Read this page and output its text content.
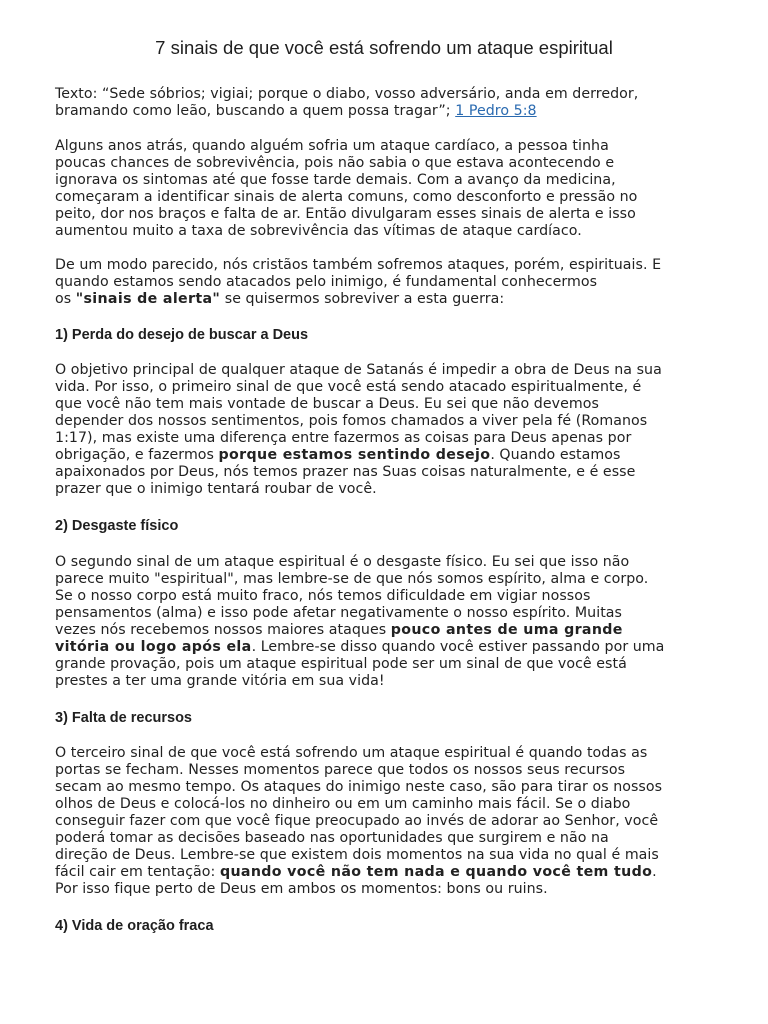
7 sinais de que você está sofrendo um ataque espiritual
Texto: “Sede sóbrios; vigiai; porque o diabo, vosso adversário, anda em derredor,
bramando como leão, buscando a quem possa tragar”; 1 Pedro 5:8
Alguns anos atrás, quando alguém sofria um ataque cardíaco, a pessoa tinha
poucas chances de sobrevivência, pois não sabia o que estava acontecendo e
ignorava os sintomas até que fosse tarde demais. Com a avanço da medicina,
começaram a identificar sinais de alerta comuns, como desconforto e pressão no
peito, dor nos braços e falta de ar. Então divulgaram esses sinais de alerta e isso
aumentou muito a taxa de sobrevivência das vítimas de ataque cardíaco.
De um modo parecido, nós cristãos também sofremos ataques, porém, espirituais. E
quando estamos sendo atacados pelo inimigo, é fundamental conhecermos
os "sinais de alerta" se quisermos sobreviver a esta guerra:
1) Perda do desejo de buscar a Deus
O objetivo principal de qualquer ataque de Satanás é impedir a obra de Deus na sua
vida. Por isso, o primeiro sinal de que você está sendo atacado espiritualmente, é
que você não tem mais vontade de buscar a Deus. Eu sei que não devemos
depender dos nossos sentimentos, pois fomos chamados a viver pela fé (Romanos
1:17), mas existe uma diferença entre fazermos as coisas para Deus apenas por
obrigação, e fazermos porque estamos sentindo desejo. Quando estamos
apaixonados por Deus, nós temos prazer nas Suas coisas naturalmente, e é esse
prazer que o inimigo tentará roubar de você.
2) Desgaste físico
O segundo sinal de um ataque espiritual é o desgaste físico. Eu sei que isso não
parece muito "espiritual", mas lembre-se de que nós somos espírito, alma e corpo.
Se o nosso corpo está muito fraco, nós temos dificuldade em vigiar nossos
pensamentos (alma) e isso pode afetar negativamente o nosso espírito. Muitas
vezes nós recebemos nossos maiores ataques pouco antes de uma grande
vitória ou logo após ela. Lembre-se disso quando você estiver passando por uma
grande provação, pois um ataque espiritual pode ser um sinal de que você está
prestes a ter uma grande vitória em sua vida!
3) Falta de recursos
O terceiro sinal de que você está sofrendo um ataque espiritual é quando todas as
portas se fecham. Nesses momentos parece que todos os nossos seus recursos
secam ao mesmo tempo. Os ataques do inimigo neste caso, são para tirar os nossos
olhos de Deus e colocá-los no dinheiro ou em um caminho mais fácil. Se o diabo
conseguir fazer com que você fique preocupado ao invés de adorar ao Senhor, você
poderá tomar as decisões baseado nas oportunidades que surgirem e não na
direção de Deus. Lembre-se que existem dois momentos na sua vida no qual é mais
fácil cair em tentação: quando você não tem nada e quando você tem tudo.
Por isso fique perto de Deus em ambos os momentos: bons ou ruins.
4) Vida de oração fraca
